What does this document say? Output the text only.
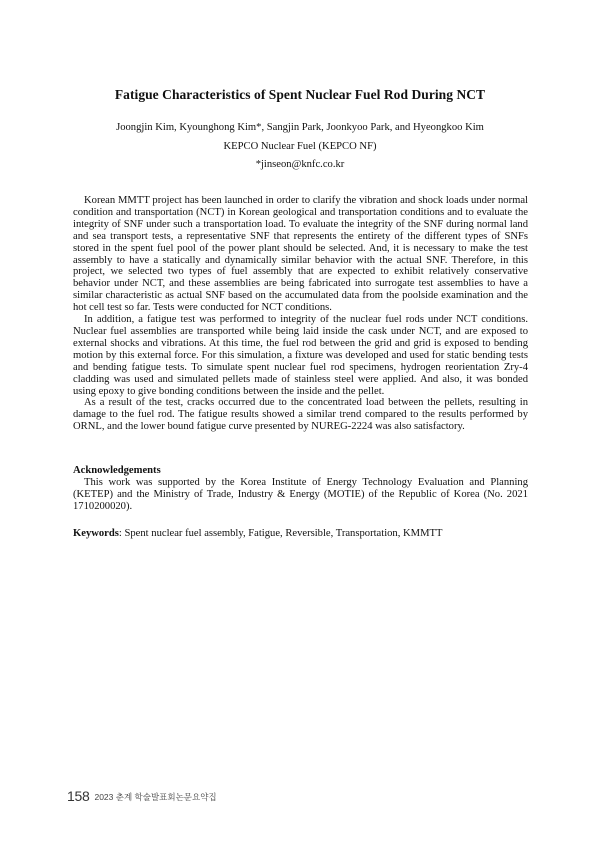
Fatigue Characteristics of Spent Nuclear Fuel Rod During NCT
Joongjin Kim, Kyounghong Kim*, Sangjin Park, Joonkyoo Park, and Hyeongkoo Kim
KEPCO Nuclear Fuel (KEPCO NF)
*jinseon@knfc.co.kr

Korean MMTT project has been launched in order to clarify the vibration and shock loads under normal condition and transportation (NCT) in Korean geological and transportation conditions and to evaluate the integrity of SNF under such a transportation load. To evaluate the integrity of the SNF during normal land and sea transport tests, a representative SNF that represents the entirety of the different types of SNFs stored in the spent fuel pool of the power plant should be selected. And, it is necessary to make the test assembly to have a statically and dynamically similar behavior with the actual SNF. Therefore, in this project, we selected two types of fuel assembly that are expected to exhibit relatively conservative behavior under NCT, and these assemblies are being fabricated into surrogate test assemblies to have a similar characteristic as actual SNF based on the accumulated data from the poolside examination and the hot cell test so far. Tests were conducted for NCT conditions.

In addition, a fatigue test was performed to integrity of the nuclear fuel rods under NCT conditions. Nuclear fuel assemblies are transported while being laid inside the cask under NCT, and are exposed to external shocks and vibrations. At this time, the fuel rod between the grid and grid is exposed to bending motion by this external force. For this simulation, a fixture was developed and used for static bending tests and bending fatigue tests. To simulate spent nuclear fuel rod specimens, hydrogen reorientation Zry-4 cladding was used and simulated pellets made of stainless steel were applied. And also, it was bonded using epoxy to give bonding conditions between the inside and the pellet.

As a result of the test, cracks occurred due to the concentrated load between the pellets, resulting in damage to the fuel rod. The fatigue results showed a similar trend compared to the results performed by ORNL, and the lower bound fatigue curve presented by NUREG-2224 was also satisfactory.

Acknowledgements

This work was supported by the Korea Institute of Energy Technology Evaluation and Planning (KETEP) and the Ministry of Trade, Industry & Energy (MOTIE) of the Republic of Korea (No. 2021 1710200020).

Keywords: Spent nuclear fuel assembly, Fatigue, Reversible, Transportation, KMMTT
158 2023 춘계 학술발표회논문요약집
